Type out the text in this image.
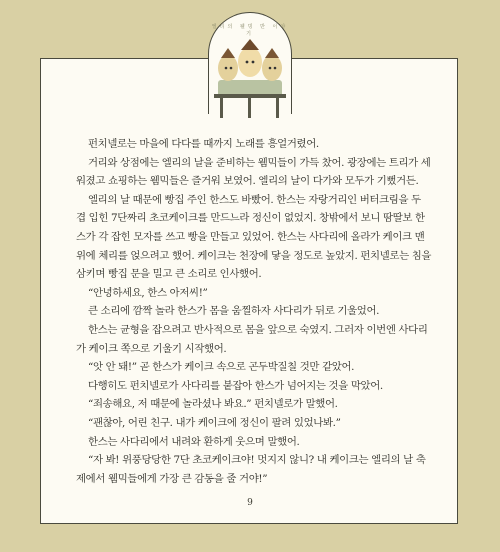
엘리의 웰빙 반 이야기

펀치넬로는 마을에 다다를 때까지 노래를 흥얼거렸어.

거리와 상점에는 엘리의 날을 준비하는 웸믹들이 가득 찼어. 광장에는 트리가 세워졌고 쇼핑하는 웸믹들은 즐거워 보였어. 엘리의 날이 다가와 모두가 기뻤거든.

엘리의 날 때문에 빵집 주인 한스도 바빴어. 한스는 자랑거리인 버터크림을 두 겹 입힌 7단짜리 초코케이크를 만드느라 정신이 없었지. 창밖에서 보니 땀딸보 한스가 각 잡힌 모자를 쓰고 빵을 만들고 있었어. 한스는 사다리에 올라가 케이크 맨 위에 체리를 얹으려고 했어. 케이크는 천장에 닿을 정도로 높았지. 펀치넬로는 침을 삼키며 빵집 문을 밀고 큰 소리로 인사했어.

“안녕하세요, 한스 아저씨!”

큰 소리에 깜짝 놀라 한스가 몸을 움찔하자 사다리가 뒤로 기울었어.

한스는 균형을 잡으려고 반사적으로 몸을 앞으로 숙였지. 그러자 이번엔 사다리가 케이크 쪽으로 기울기 시작했어.

“앗 안 돼!” 곧 한스가 케이크 속으로 곤두박질칠 것만 같았어.

다행히도 펀치넬로가 사다리를 붙잡아 한스가 넘어지는 것을 막았어.

“죄송해요, 저 때문에 놀라셨나 봐요.” 펀치넬로가 말했어.

“괜찮아, 어린 친구. 내가 케이크에 정신이 팔려 있었나봐.”

한스는 사다리에서 내려와 환하게 웃으며 말했어.

“자 봐! 위풍당당한 7단 초코케이크야! 멋지지 않니? 내 케이크는 엘리의 날 축제에서 웸믹들에게 가장 큰 감동을 줄 거야!”

9
